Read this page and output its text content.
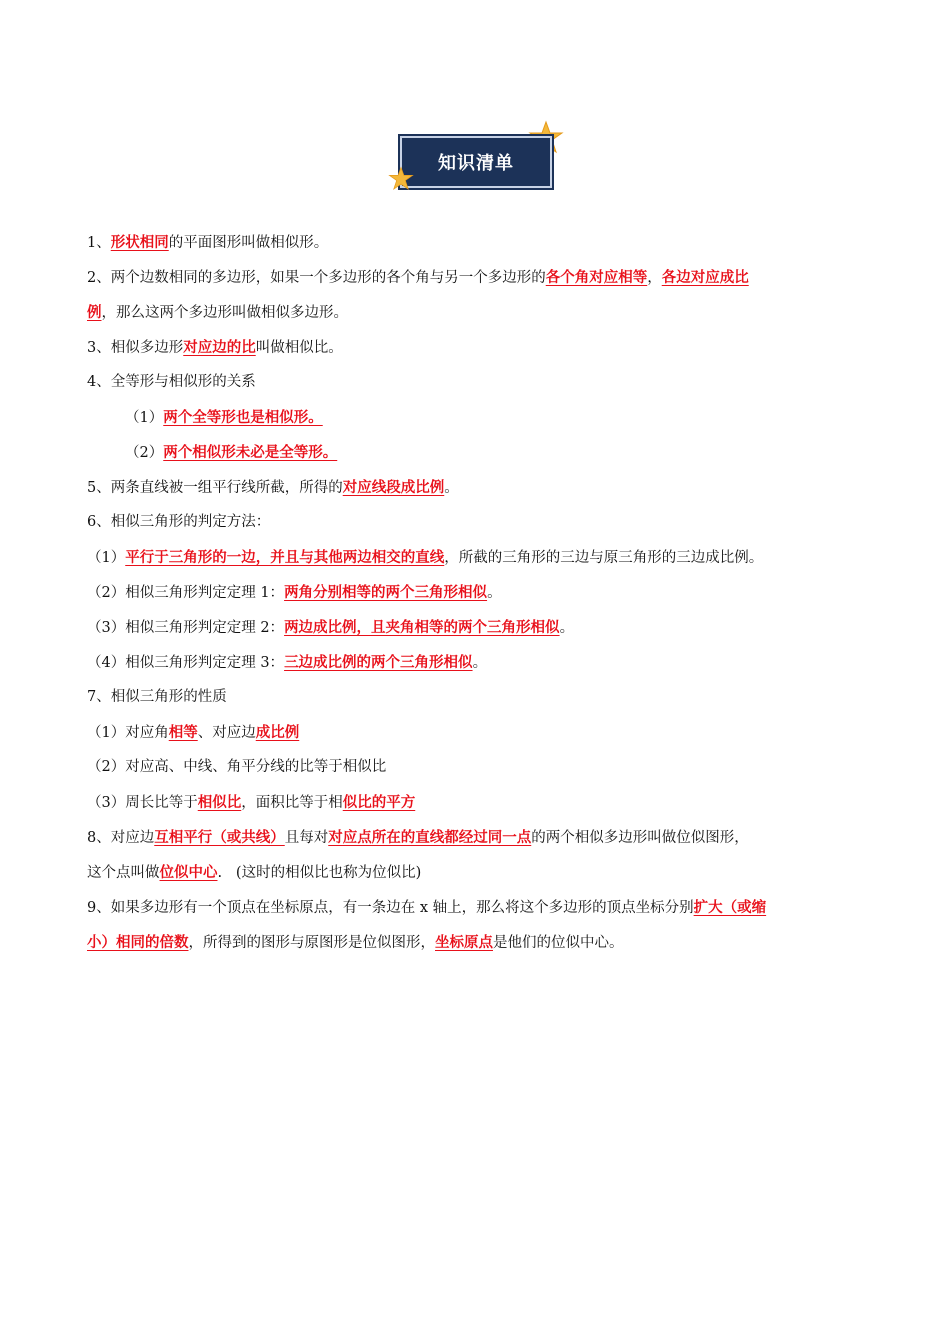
知识清单
1、形状相同的平面图形叫做相似形。
2、两个边数相同的多边形，如果一个多边形的各个角与另一个多边形的各个角对应相等，各边对应成比
例，那么这两个多边形叫做相似多边形。
3、相似多边形对应边的比叫做相似比。
4、全等形与相似形的关系
（1）两个全等形也是相似形。
（2）两个相似形未必是全等形。
5、两条直线被一组平行线所截，所得的对应线段成比例。
6、相似三角形的判定方法：
（1）平行于三角形的一边，并且与其他两边相交的直线，所截的三角形的三边与原三角形的三边成比例。
（2）相似三角形判定定理 1：两角分别相等的两个三角形相似。
（3）相似三角形判定定理 2：两边成比例，且夹角相等的两个三角形相似。
（4）相似三角形判定定理 3：三边成比例的两个三角形相似。
7、相似三角形的性质
（1）对应角相等、对应边成比例
（2）对应高、中线、角平分线的比等于相似比
（3）周长比等于相似比，面积比等于相似比的平方
8、对应边互相平行（或共线）且每对对应点所在的直线都经过同一点的两个相似多边形叫做位似图形，
这个点叫做位似中心.   (这时的相似比也称为位似比)
9、如果多边形有一个顶点在坐标原点，有一条边在 x 轴上，那么将这个多边形的顶点坐标分别扩大（或缩
小）相同的倍数，所得到的图形与原图形是位似图形，坐标原点是他们的位似中心。
